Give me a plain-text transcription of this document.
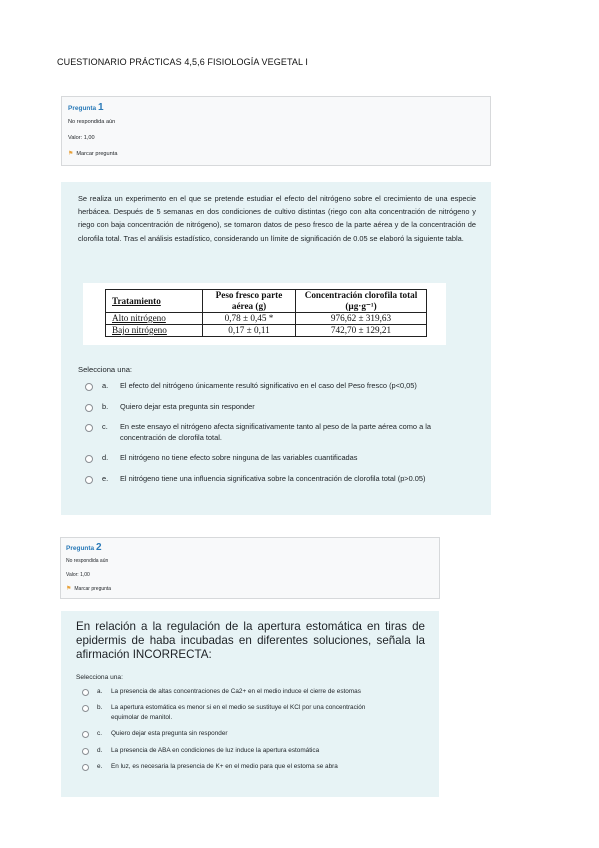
CUESTIONARIO PRÁCTICAS 4,5,6 FISIOLOGÍA VEGETAL I
Pregunta 1
No respondida aún
Valor: 1,00
⚑ Marcar pregunta
Se realiza un experimento en el que se pretende estudiar el efecto del nitrógeno sobre el crecimiento de una especie herbácea. Después de 5 semanas en dos condiciones de cultivo distintas (riego con alta concentración de nitrógeno y riego con baja concentración de nitrógeno), se tomaron datos de peso fresco de la parte aérea y de la concentración de clorofila total. Tras el análisis estadístico, considerando un límite de significación de 0.05 se elaboró la siguiente tabla.
Tratamiento	Peso fresco parte aérea (g)	Concentración clorofila total (µg·g⁻¹)
Alto nitrógeno	0,78 ± 0,45 *	976,62 ± 319,63
Bajo nitrógeno	0,17 ± 0,11	742,70 ± 129,21
Selecciona una:
a.	El efecto del nitrógeno únicamente resultó significativo en el caso del Peso fresco (p<0,05)
b.	Quiero dejar esta pregunta sin responder
c.	En este ensayo el nitrógeno afecta significativamente tanto al peso de la parte aérea como a la concentración de clorofila total.
d.	El nitrógeno no tiene efecto sobre ninguna de las variables cuantificadas
e.	El nitrógeno tiene una influencia significativa sobre la concentración de clorofila total (p>0.05)
Pregunta 2
No respondida aún
Valor: 1,00
⚑ Marcar pregunta
En relación a la regulación de la apertura estomática en tiras de epidermis de haba incubadas en diferentes soluciones, señala la afirmación INCORRECTA:
Selecciona una:
a.	La presencia de altas concentraciones de Ca2+ en el medio induce el cierre de estomas
b.	La apertura estomática es menor si en el medio se sustituye el KCl por una concentración equimolar de manitol.
c.	Quiero dejar esta pregunta sin responder
d.	La presencia de ABA en condiciones de luz induce la apertura estomática
e.	En luz, es necesaria la presencia de K+ en el medio para que el estoma se abra
